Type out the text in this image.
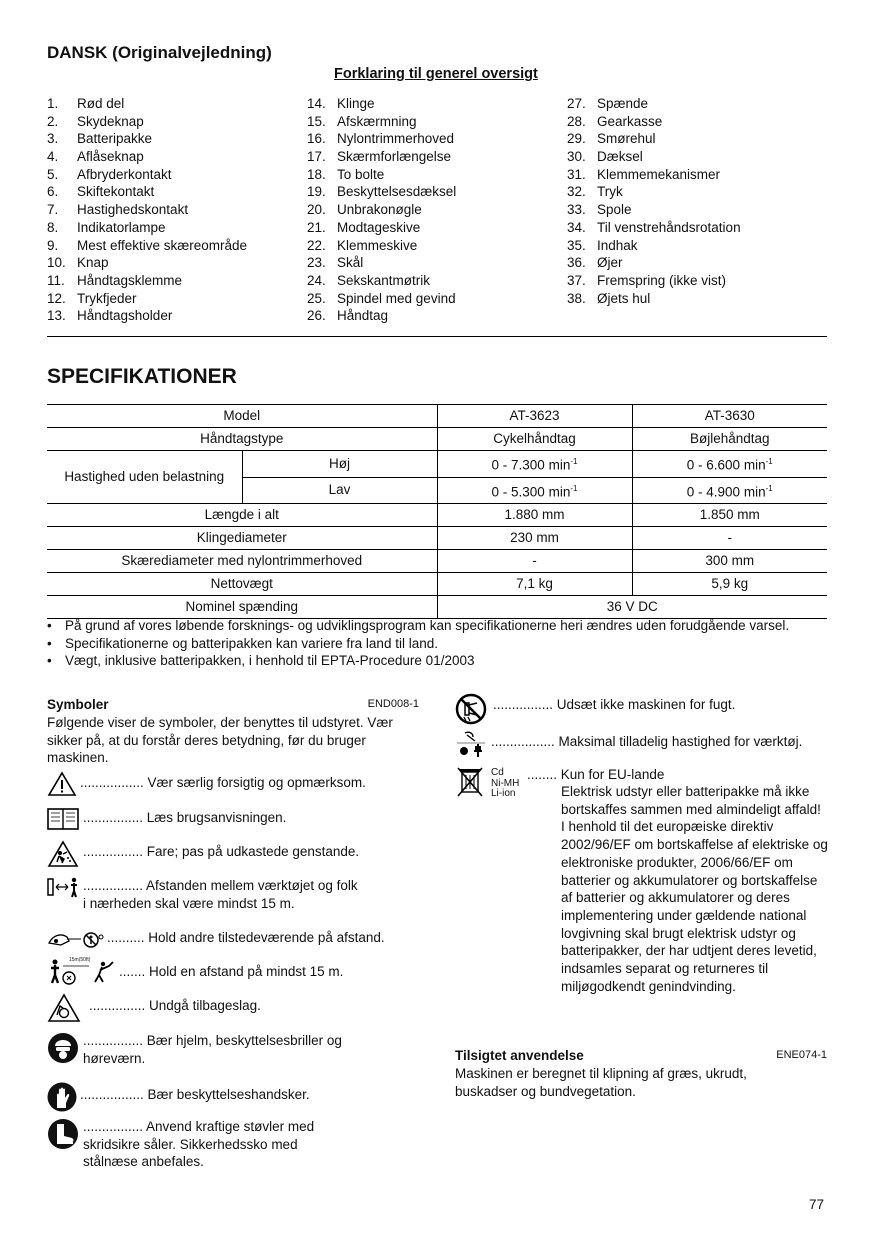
DANSK (Originalvejledning)
Forklaring til generel oversigt
1. Rød del
2. Skydeknap
3. Batteripakke
4. Aflåseknap
5. Afbryderkontakt
6. Skiftekontakt
7. Hastighedskontakt
8. Indikatorlampe
9. Mest effektive skæreområde
10. Knap
11. Håndtagsklemme
12. Trykfjeder
13. Håndtagsholder
14. Klinge
15. Afskærmning
16. Nylontrimmerhoved
17. Skærmforlængelse
18. To bolte
19. Beskyttelsesdæksel
20. Unbrakonøgle
21. Modtageskive
22. Klemmeskive
23. Skål
24. Sekskantmøtrik
25. Spindel med gevind
26. Håndtag
27. Spænde
28. Gearkasse
29. Smørehul
30. Dæksel
31. Klemmemekanismer
32. Tryk
33. Spole
34. Til venstrehåndsrotation
35. Indhak
36. Øjer
37. Fremspring (ikke vist)
38. Øjets hul
SPECIFIKATIONER
Model		AT-3623	AT-3630
Håndtagstype		Cykelhåndtag	Bøjlehåndtag
Hastighed uden belastning	Høj	0 - 7.300 $\min^{-1}$	0 - 6.600 $\min^{-1}$
	Lav	0 - 5.300 $\min^{-1}$	0 - 4.900 $\min^{-1}$
Længde i alt		1.880 mm	1.850 mm
Klingediameter		230 mm	-
Skærediameter med nylontrimmerhoved		-	300 mm
Nettovægt		7,1 kg	5,9 kg
Nominel spænding		36 V DC	
• På grund af vores løbende forsknings- og udviklingsprogram kan specifikationerne heri ændres uden forudgående varsel.
• Specifikationerne og batteripakken kan variere fra land til land.
• Vægt, inklusive batteripakken, i henhold til EPTA-Procedure 01/2003
Symboler	END008-1
Følgende viser de symboler, der benyttes til udstyret. Vær sikker på, at du forstår deres betydning, før du bruger maskinen.
................. Vær særlig forsigtig og opmærksom.
................ Læs brugsanvisningen.
................ Fare; pas på udkastede genstande.
................ Afstanden mellem værktøjet og folk i nærheden skal være mindst 15 m.
.......... Hold andre tilstedeværende på afstand.
15m(50ft)
....... Hold en afstand på mindst 15 m.
............... Undgå tilbageslag.
................ Bær hjelm, beskyttelsesbriller og høreværn.
................. Bær beskyttelseshandsker.
................ Anvend kraftige støvler med skridsikre såler. Sikkerhedssko med stålnæse anbefales.
................ Udsæt ikke maskinen for fugt.
................. Maksimal tilladelig hastighed for værktøj.
Cd
Ni-MH
Li-ion
........ Kun for EU-lande
Elektrisk udstyr eller batteripakke må ikke bortskaffes sammen med almindeligt affald!
I henhold til det europæiske direktiv 2002/96/EF om bortskaffelse af elektriske og elektroniske produkter, 2006/66/EF om batterier og akkumulatorer og bortskaffelse af batterier og akkumulatorer og deres implementering under gældende national lovgivning skal brugt elektrisk udstyr og batteripakker, der har udtjent deres levetid, indsamles separat og returneres til miljøgodkendt genindvinding.
Tilsigtet anvendelse	ENE074-1
Maskinen er beregnet til klipning af græs, ukrudt, buskadser og bundvegetation.
77
